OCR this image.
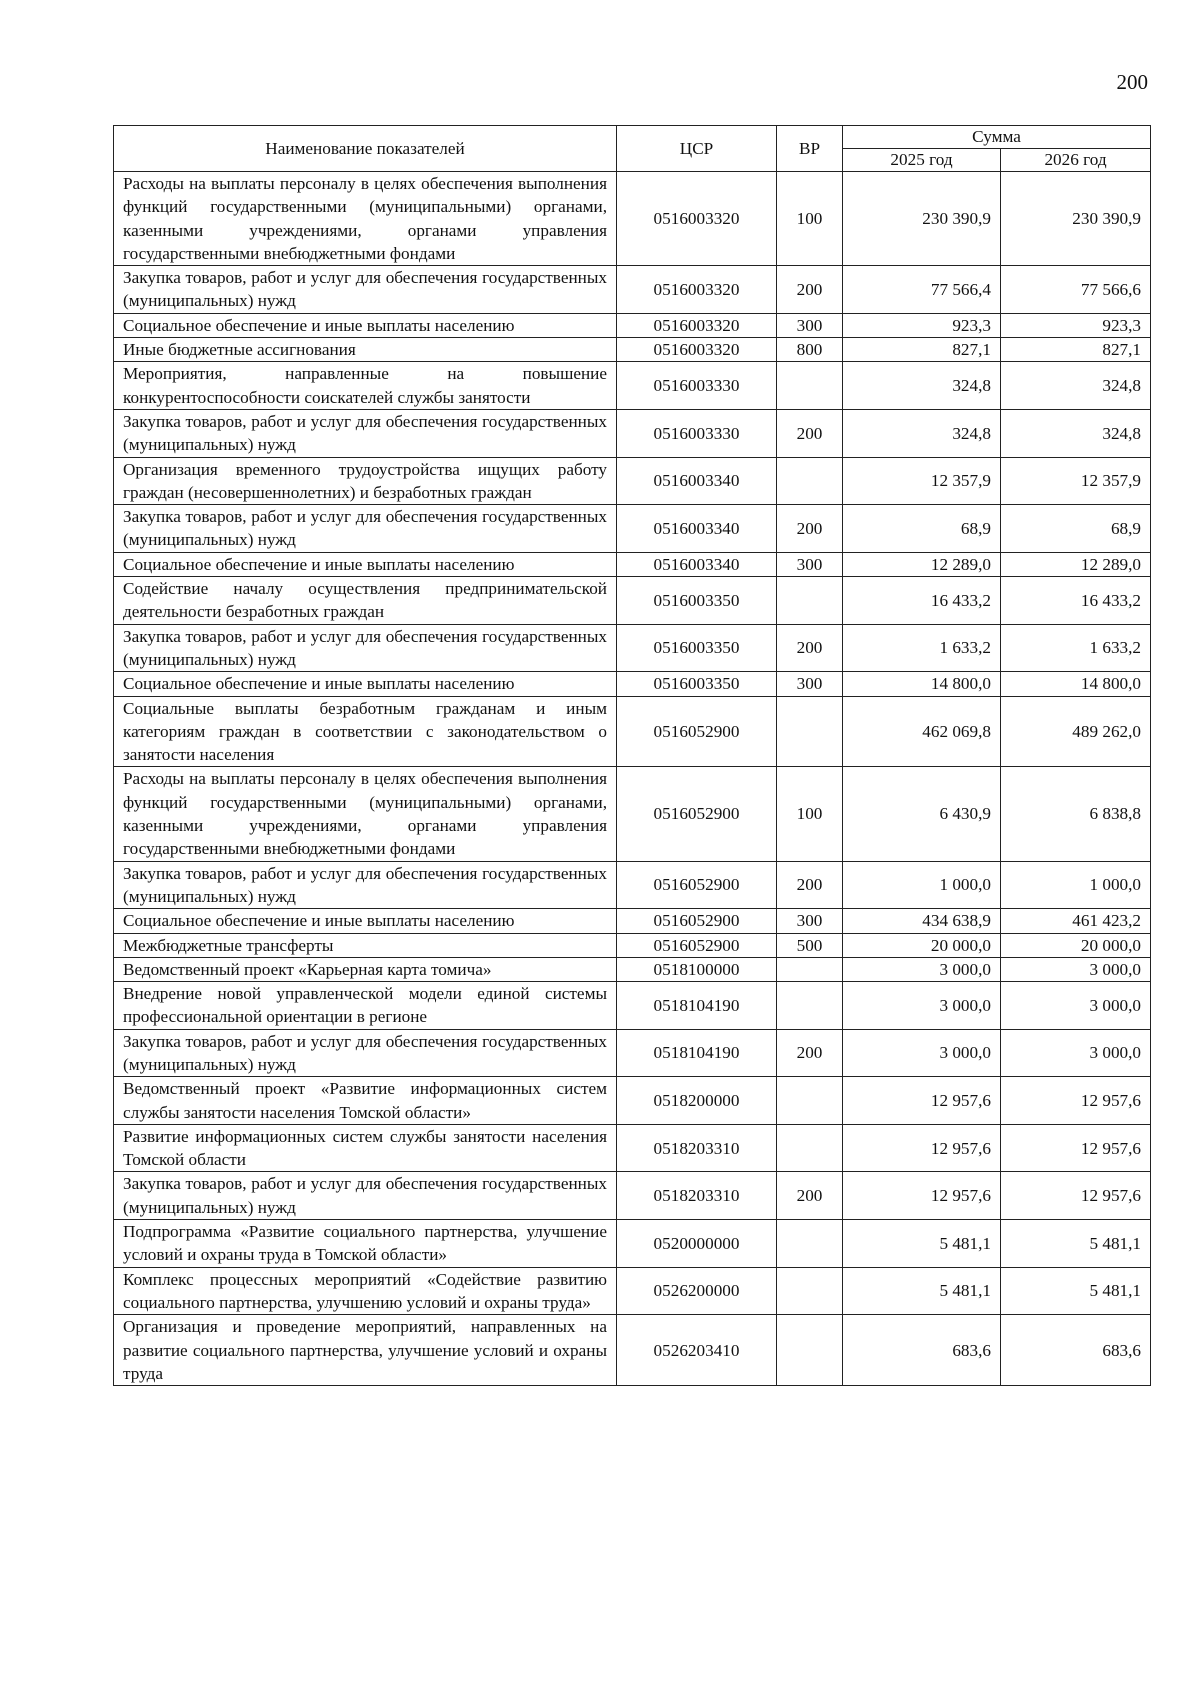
200
Наименование показателей	ЦСР	ВР	Сумма	
			2025 год	2026 год
Расходы на выплаты персоналу в целях обеспечения выполнения функций государственными (муниципальными) органами, казенными учреждениями, органами управления государственными внебюджетными фондами	0516003320	100	230 390,9	230 390,9
Закупка товаров, работ и услуг для обеспечения государственных (муниципальных) нужд	0516003320	200	77 566,4	77 566,6
Социальное обеспечение и иные выплаты населению	0516003320	300	923,3	923,3
Иные бюджетные ассигнования	0516003320	800	827,1	827,1
Мероприятия, направленные на повышение конкурентоспособности соискателей службы занятости	0516003330		324,8	324,8
Закупка товаров, работ и услуг для обеспечения государственных (муниципальных) нужд	0516003330	200	324,8	324,8
Организация временного трудоустройства ищущих работу граждан (несовершеннолетних) и безработных граждан	0516003340		12 357,9	12 357,9
Закупка товаров, работ и услуг для обеспечения государственных (муниципальных) нужд	0516003340	200	68,9	68,9
Социальное обеспечение и иные выплаты населению	0516003340	300	12 289,0	12 289,0
Содействие началу осуществления предпринимательской деятельности безработных граждан	0516003350		16 433,2	16 433,2
Закупка товаров, работ и услуг для обеспечения государственных (муниципальных) нужд	0516003350	200	1 633,2	1 633,2
Социальное обеспечение и иные выплаты населению	0516003350	300	14 800,0	14 800,0
Социальные выплаты безработным гражданам и иным категориям граждан в соответствии с законодательством о занятости населения	0516052900		462 069,8	489 262,0
Расходы на выплаты персоналу в целях обеспечения выполнения функций государственными (муниципальными) органами, казенными учреждениями, органами управления государственными внебюджетными фондами	0516052900	100	6 430,9	6 838,8
Закупка товаров, работ и услуг для обеспечения государственных (муниципальных) нужд	0516052900	200	1 000,0	1 000,0
Социальное обеспечение и иные выплаты населению	0516052900	300	434 638,9	461 423,2
Межбюджетные трансферты	0516052900	500	20 000,0	20 000,0
Ведомственный проект «Карьерная карта томича»	0518100000		3 000,0	3 000,0
Внедрение новой управленческой модели единой системы профессиональной ориентации в регионе	0518104190		3 000,0	3 000,0
Закупка товаров, работ и услуг для обеспечения государственных (муниципальных) нужд	0518104190	200	3 000,0	3 000,0
Ведомственный проект «Развитие информационных систем службы занятости населения Томской области»	0518200000		12 957,6	12 957,6
Развитие информационных систем службы занятости населения Томской области	0518203310		12 957,6	12 957,6
Закупка товаров, работ и услуг для обеспечения государственных (муниципальных) нужд	0518203310	200	12 957,6	12 957,6
Подпрограмма «Развитие социального партнерства, улучшение условий и охраны труда в Томской области»	0520000000		5 481,1	5 481,1
Комплекс процессных мероприятий «Содействие развитию социального партнерства, улучшению условий и охраны труда»	0526200000		5 481,1	5 481,1
Организация и проведение мероприятий, направленных на развитие социального партнерства, улучшение условий и охраны труда	0526203410		683,6	683,6
